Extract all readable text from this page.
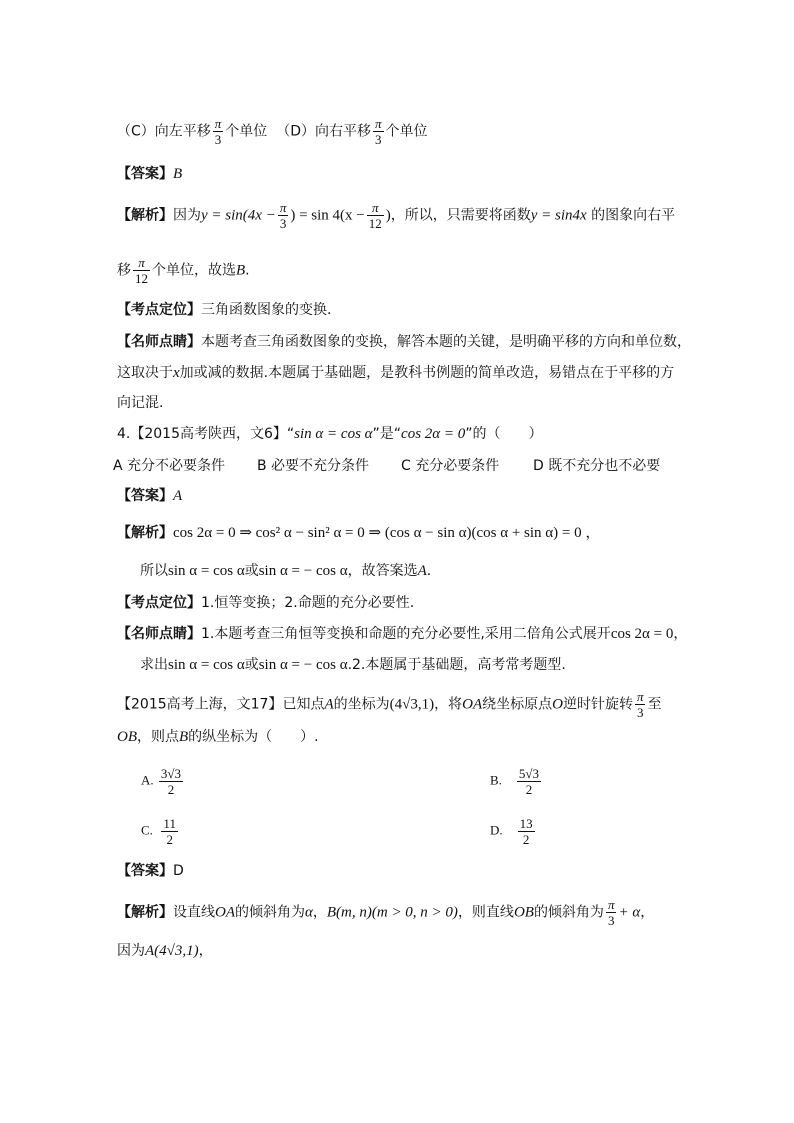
（C）向左平移 $\frac{\pi}{3}$ 个单位 （D）向右平移 $\frac{\pi}{3}$ 个单位
【答案】B
【解析】因为$y = \sin(4x - \frac{\pi}{3}$ ) = $\sin 4(x - \frac{\pi}{12}$ )，所以，只需要将函数y = sin4x 的图象向右平
移 $\frac{\pi}{12}$ 个单位，故选B.
【考点定位】三角函数图象的变换.
【名师点睛】本题考查三角函数图象的变换，解答本题的关键，是明确平移的方向和单位数，
这取决于x加或减的数据.本题属于基础题，是教科书例题的简单改造，易错点在于平移的方
向记混.
4.【2015高考陕西，文6】“sin α = cos α”是“cos 2α = 0”的（　　）
A 充分不必要条件 B 必要不充分条件 C 充分必要条件 D 既不充分也不必要
【答案】A
【解析】cos 2α = 0 ⇒ cos² α − sin² α = 0 ⇒ (cos α − sin α)(cos α + sin α) = 0 ，
所以sin α = cos α或sin α = − cos α，故答案选A.
【考点定位】1.恒等变换；2.命题的充分必要性.
【名师点睛】1.本题考查三角恒等变换和命题的充分必要性,采用二倍角公式展开cos 2α = 0，
求出sin α = cos α或sin α = − cos α.2.本题属于基础题，高考常考题型.
【2015高考上海，文17】已知点A的坐标为(4√3,1)，将OA绕坐标原点O逆时针旋转 $\frac{\pi}{3}$ 至
OB，则点B的纵坐标为（　　）.
A. $\frac{3√3}{2}$	B. $\frac{5√3}{2}$
C. $\frac{11}{2}$	D. $\frac{13}{2}$
【答案】D
【解析】设直线OA的倾斜角为α，B(m, n)(m > 0, n > 0)，则直线OB的倾斜角为 $\frac{\pi}{3} + \alpha$，
因为A(4√3,1)，
